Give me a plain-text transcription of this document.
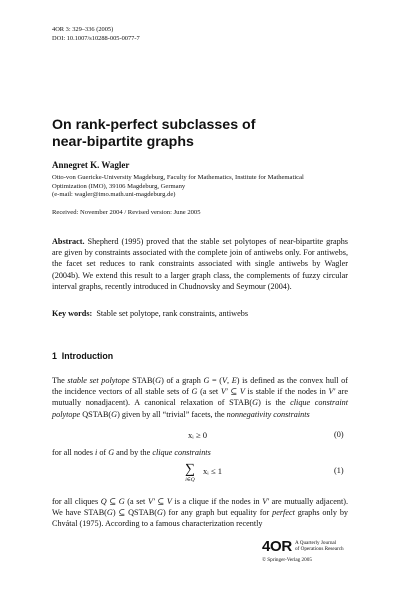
4OR 3: 329–336 (2005)
DOI: 10.1007/s10288-005-0077-7
On rank-perfect subclasses of
near-bipartite graphs
Annegret K. Wagler
Otto-von Guericke-University Magdeburg, Faculty for Mathematics, Institute for Mathematical
Optimization (IMO), 39106 Magdeburg, Germany
(e-mail: wagler@imo.math.uni-magdeburg.de)
Received: November 2004 / Revised version: June 2005
Abstract. Shepherd (1995) proved that the stable set polytopes of near-bipartite graphs are given by constraints associated with the complete join of antiwebs only. For antiwebs, the facet set reduces to rank constraints associated with single antiwebs by Wagler (2004b). We extend this result to a larger graph class, the complements of fuzzy circular interval graphs, recently introduced in Chudnovsky and Seymour (2004).
Key words: Stable set polytope, rank constraints, antiwebs
1 Introduction
The stable set polytope STAB(G) of a graph G = (V, E) is defined as the convex hull of the incidence vectors of all stable sets of G (a set V′ ⊆ V is stable if the nodes in V′ are mutually nonadjacent). A canonical relaxation of STAB(G) is the clique constraint polytope QSTAB(G) given by all “trivial” facets, the nonnegativity constraints
xᵢ ≥ 0	(0)
for all nodes i of G and by the clique constraints
∑
i∈Q
xᵢ ≤ 1	(1)
for all cliques Q ⊆ G (a set V′ ⊆ V is a clique if the nodes in V′ are mutually adjacent). We have STAB(G) ⊆ QSTAB(G) for any graph but equality for perfect graphs only by Chvátal (1975). According to a famous characterization recently
4OR A Quarterly Journal
of Operations Research
© Springer-Verlag 2005
